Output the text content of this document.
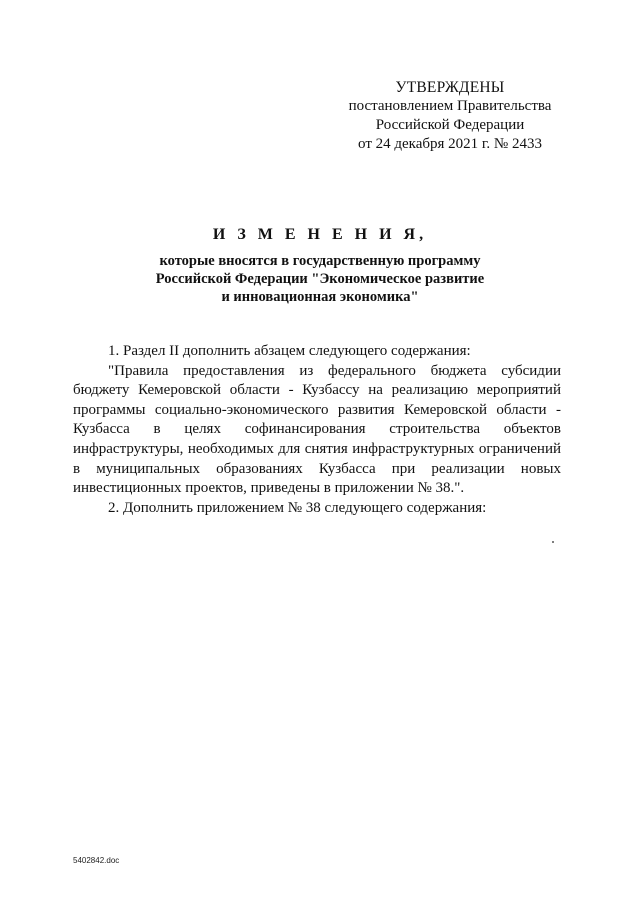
УТВЕРЖДЕНЫ
постановлением Правительства
Российской Федерации
от 24 декабря 2021 г. № 2433
И З М Е Н Е Н И Я,
которые вносятся в государственную программу
Российской Федерации "Экономическое развитие
и инновационная экономика"

1. Раздел II дополнить абзацем следующего содержания:

"Правила предоставления из федерального бюджета субсидии бюджету Кемеровской области - Кузбассу на реализацию мероприятий программы социально-экономического развития Кемеровской области - Кузбасса в целях софинансирования строительства объектов инфраструктуры, необходимых для снятия инфраструктурных ограничений в муниципальных образованиях Кузбасса при реализации новых инвестиционных проектов, приведены в приложении № 38.".

2. Дополнить приложением № 38 следующего содержания:

5402842.doc
